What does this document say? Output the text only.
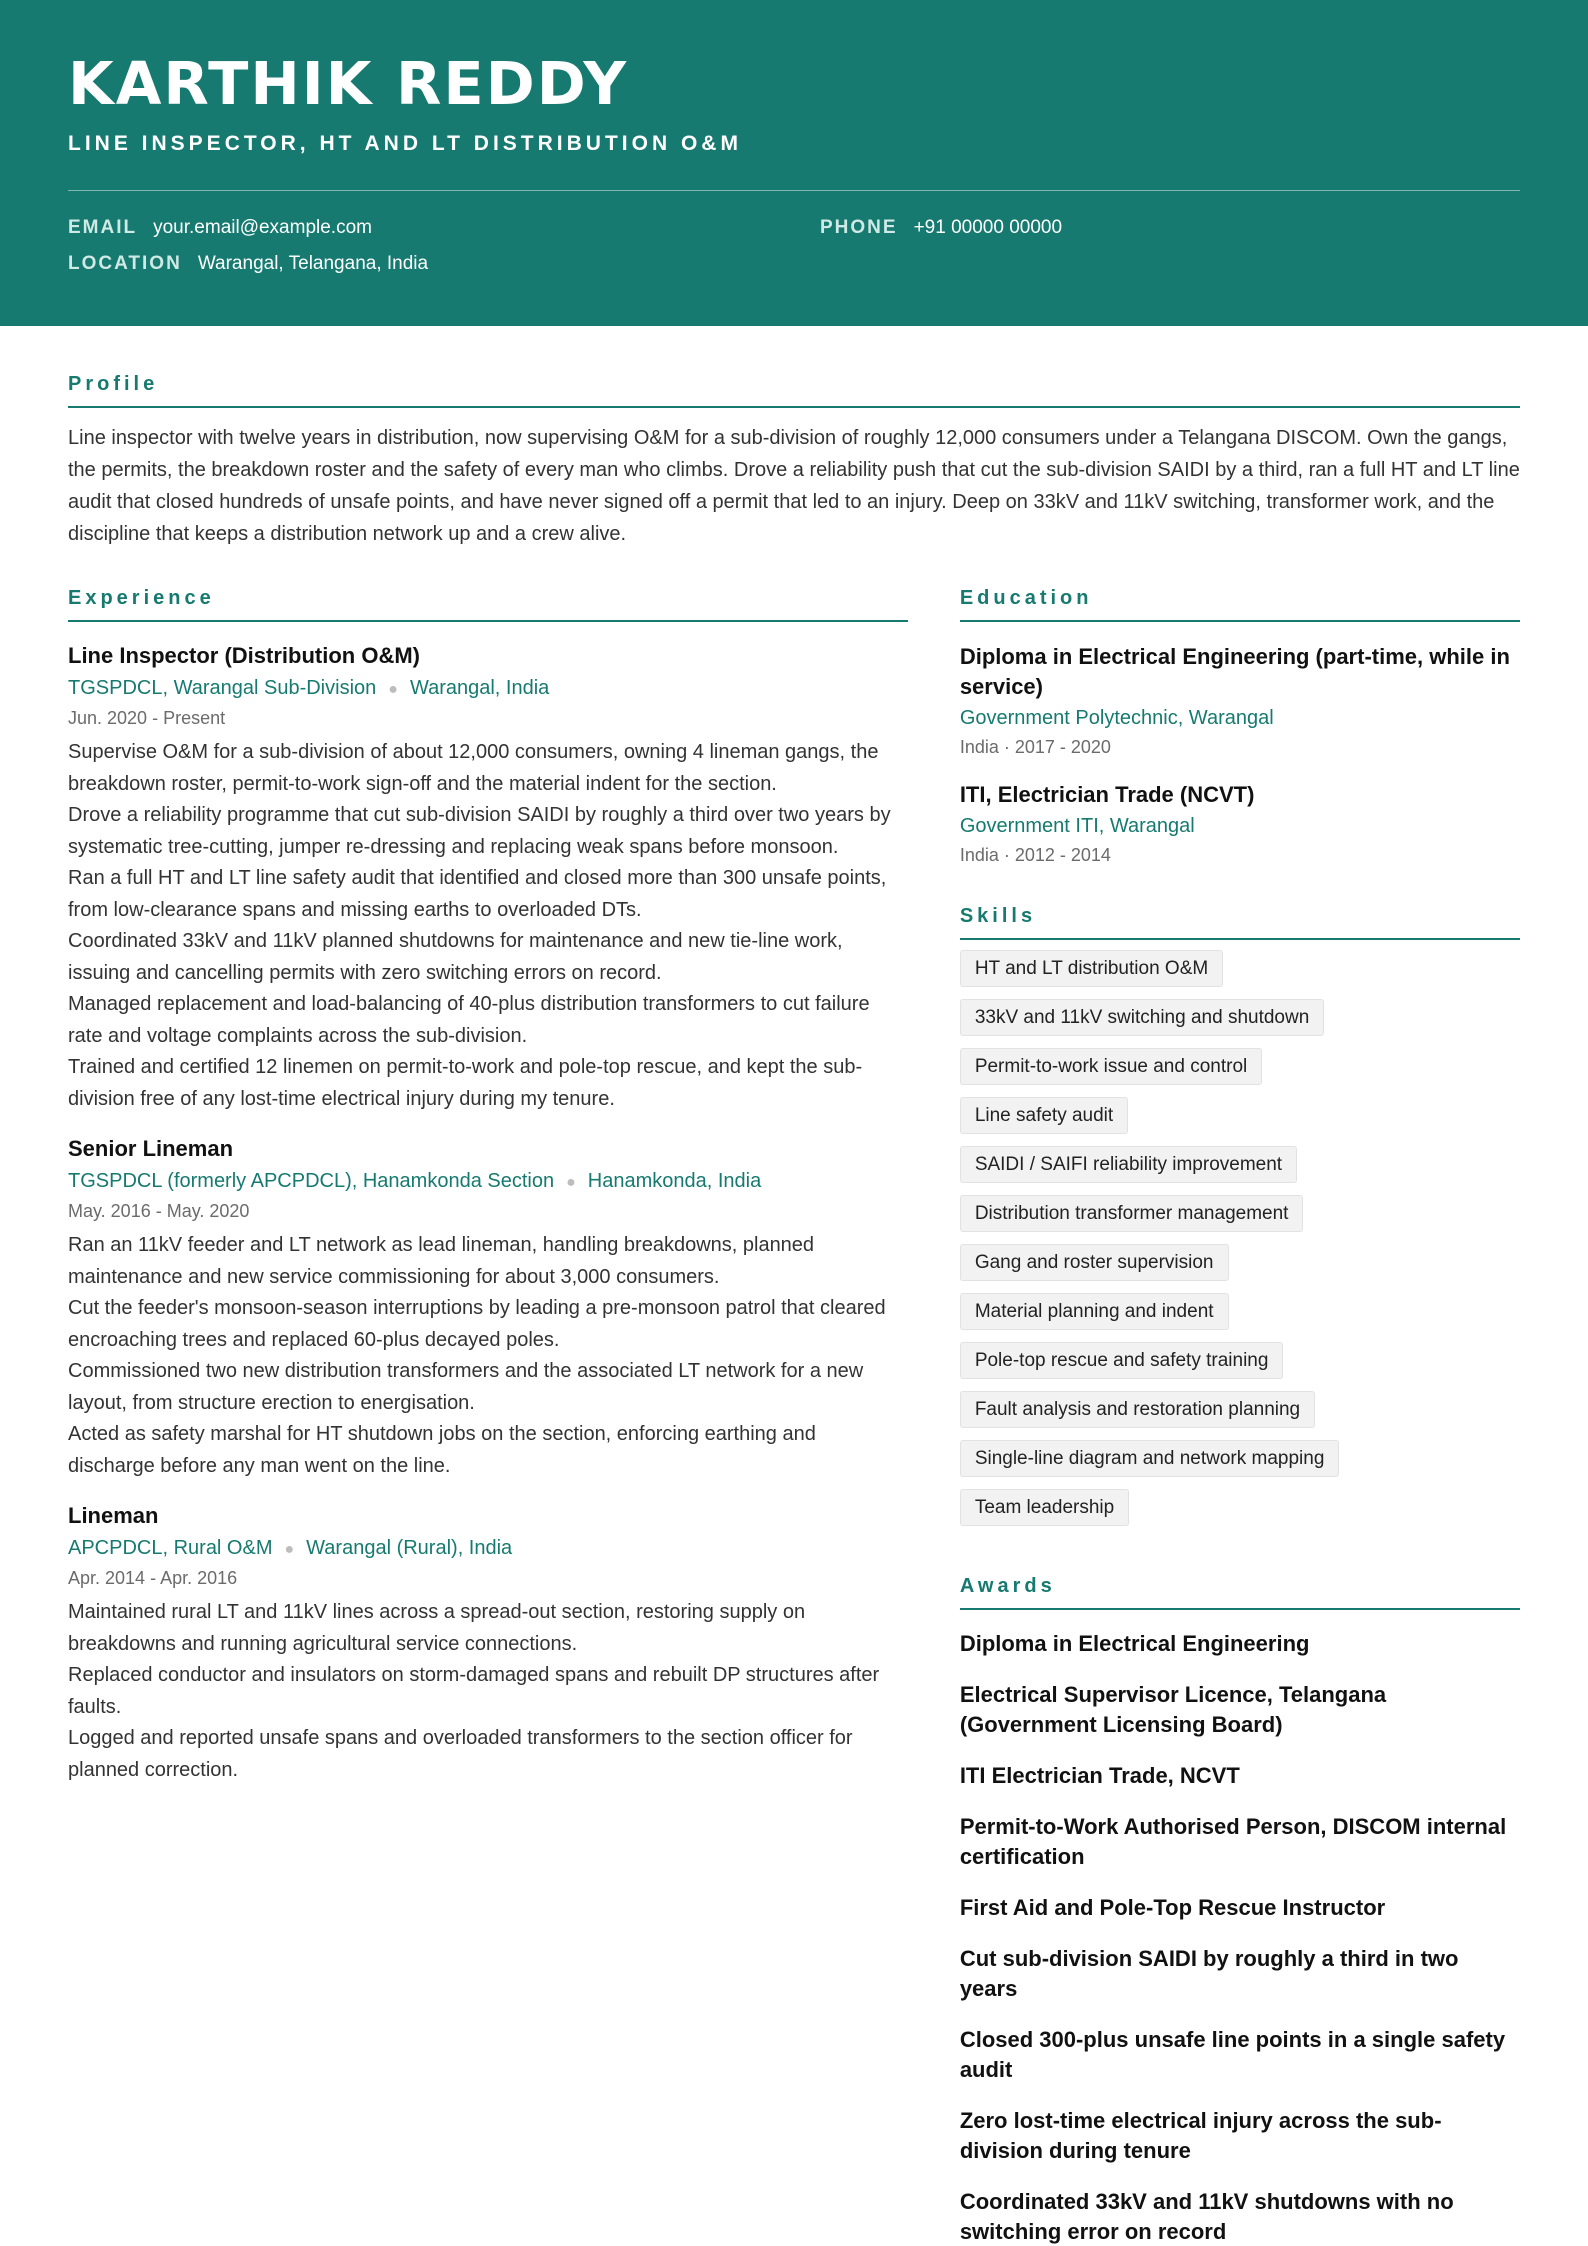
KARTHIK REDDY
LINE INSPECTOR, HT AND LT DISTRIBUTION O&M
EMAIL your.email@example.com	PHONE +91 00000 00000
LOCATION Warangal, Telangana, India
Profile
Line inspector with twelve years in distribution, now supervising O&M for a sub-division of roughly 12,000 consumers under a Telangana DISCOM. Own the gangs, the permits, the breakdown roster and the safety of every man who climbs. Drove a reliability push that cut the sub-division SAIDI by a third, ran a full HT and LT line audit that closed hundreds of unsafe points, and have never signed off a permit that led to an injury. Deep on 33kV and 11kV switching, transformer work, and the discipline that keeps a distribution network up and a crew alive.
Experience
Line Inspector (Distribution O&M)
TGSPDCL, Warangal Sub-Division ● Warangal, India
Jun. 2020 - Present
Supervise O&M for a sub-division of about 12,000 consumers, owning 4 lineman gangs, the breakdown roster, permit-to-work sign-off and the material indent for the section.
Drove a reliability programme that cut sub-division SAIDI by roughly a third over two years by systematic tree-cutting, jumper re-dressing and replacing weak spans before monsoon.
Ran a full HT and LT line safety audit that identified and closed more than 300 unsafe points, from low-clearance spans and missing earths to overloaded DTs.
Coordinated 33kV and 11kV planned shutdowns for maintenance and new tie-line work, issuing and cancelling permits with zero switching errors on record.
Managed replacement and load-balancing of 40-plus distribution transformers to cut failure rate and voltage complaints across the sub-division.
Trained and certified 12 linemen on permit-to-work and pole-top rescue, and kept the sub-division free of any lost-time electrical injury during my tenure.
Senior Lineman
TGSPDCL (formerly APCPDCL), Hanamkonda Section ● Hanamkonda, India
May. 2016 - May. 2020
Ran an 11kV feeder and LT network as lead lineman, handling breakdowns, planned maintenance and new service commissioning for about 3,000 consumers.
Cut the feeder's monsoon-season interruptions by leading a pre-monsoon patrol that cleared encroaching trees and replaced 60-plus decayed poles.
Commissioned two new distribution transformers and the associated LT network for a new layout, from structure erection to energisation.
Acted as safety marshal for HT shutdown jobs on the section, enforcing earthing and discharge before any man went on the line.
Lineman
APCPDCL, Rural O&M ● Warangal (Rural), India
Apr. 2014 - Apr. 2016
Maintained rural LT and 11kV lines across a spread-out section, restoring supply on breakdowns and running agricultural service connections.
Replaced conductor and insulators on storm-damaged spans and rebuilt DP structures after faults.
Logged and reported unsafe spans and overloaded transformers to the section officer for planned correction.
Education
Diploma in Electrical Engineering (part-time, while in service)
Government Polytechnic, Warangal
India · 2017 - 2020
ITI, Electrician Trade (NCVT)
Government ITI, Warangal
India · 2012 - 2014
Skills
HT and LT distribution O&M
33kV and 11kV switching and shutdown
Permit-to-work issue and control
Line safety audit
SAIDI / SAIFI reliability improvement
Distribution transformer management
Gang and roster supervision
Material planning and indent
Pole-top rescue and safety training
Fault analysis and restoration planning
Single-line diagram and network mapping
Team leadership
Awards
Diploma in Electrical Engineering
Electrical Supervisor Licence, Telangana (Government Licensing Board)
ITI Electrician Trade, NCVT
Permit-to-Work Authorised Person, DISCOM internal certification
First Aid and Pole-Top Rescue Instructor
Cut sub-division SAIDI by roughly a third in two years
Closed 300-plus unsafe line points in a single safety audit
Zero lost-time electrical injury across the sub-division during tenure
Coordinated 33kV and 11kV shutdowns with no switching error on record
